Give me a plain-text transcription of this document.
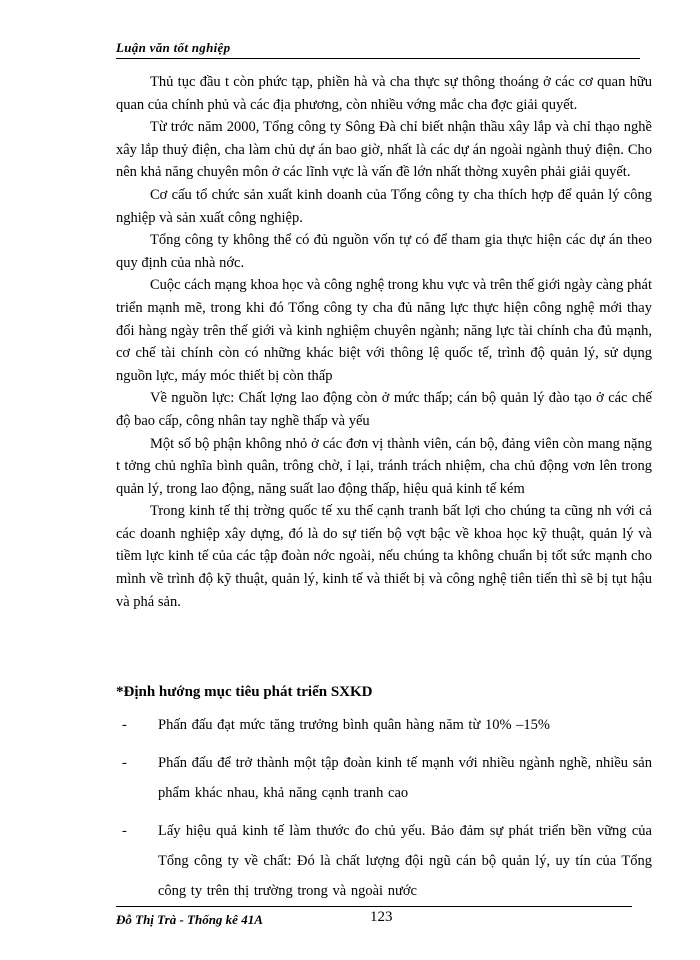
Luận văn tốt nghiệp

Thủ tục đầu t còn phức tạp, phiền hà và cha thực sự thông thoáng ở các cơ quan hữu quan của chính phủ và các địa phương, còn nhiều vớng mắc cha đợc giải quyết.

Từ trớc năm 2000, Tổng công ty Sông Đà chỉ biết nhận thầu xây lắp và chỉ thạo nghề xây lắp thuỷ điện, cha làm chủ dự án bao giờ, nhất là các dự án ngoài ngành thuỷ điện. Cho nên khả năng chuyên môn ở các lĩnh vực là vấn đề lớn nhất thờng xuyên phải giải quyết.

Cơ cấu tổ chức sản xuất kinh doanh của Tổng công ty cha thích hợp để quản lý công nghiệp và sản xuất công nghiệp.

Tổng công ty không thể có đủ nguồn vốn tự có để tham gia thực hiện các dự án theo quy định của nhà nớc.

Cuộc cách mạng khoa học và công nghệ trong khu vực và trên thế giới ngày càng phát triển mạnh mẽ, trong khi đó Tổng công ty cha đủ năng lực thực hiện công nghệ mới thay đổi hàng ngày trên thế giới và kinh nghiệm chuyên ngành; năng lực tài chính cha đủ mạnh, cơ chế tài chính còn có những khác biệt với thông lệ quốc tế, trình độ quản lý, sử dụng nguồn lực, máy móc thiết bị còn thấp

Về nguồn lực: Chất lợng lao động còn ở mức thấp; cán bộ quản lý đào tạo ở các chế độ bao cấp, công nhân tay nghề thấp và yếu

Một số bộ phận không nhỏ ở các đơn vị thành viên, cán bộ, đảng viên còn mang nặng t tởng chủ nghĩa bình quân, trông chờ, ỉ lại, tránh trách nhiệm, cha chủ động vơn lên trong quản lý, trong lao động, năng suất lao động thấp, hiệu quả kinh tế kém

Trong kinh tế thị trờng quốc tế xu thế cạnh tranh bất lợi cho chúng ta cũng nh với cả các doanh nghiệp xây dựng, đó là do sự tiến bộ vợt bậc về khoa học kỹ thuật, quản lý và tiềm lực kinh tế của các tập đoàn nớc ngoài, nếu chúng ta không chuẩn bị tốt sức mạnh cho mình về trình độ kỹ thuật, quản lý, kinh tế và thiết bị và công nghệ tiên tiến thì sẽ bị tụt hậu và phá sản.

*Định hướng mục tiêu phát triển SXKD
- Phấn đấu đạt mức tăng trưởng bình quân hàng năm từ 10% –15%
- Phấn đấu để trở thành một tập đoàn kinh tế mạnh với nhiều ngành nghề, nhiều sản phẩm khác nhau, khả năng cạnh tranh cao
- Lấy hiệu quả kinh tế làm thước đo chủ yếu. Bảo đảm sự phát triển bền vững của Tổng công ty về chất: Đó là chất lượng đội ngũ cán bộ quản lý, uy tín của Tổng công ty trên thị trường trong và ngoài nước
Đỗ Thị Trà - Thống kê 41A	123
